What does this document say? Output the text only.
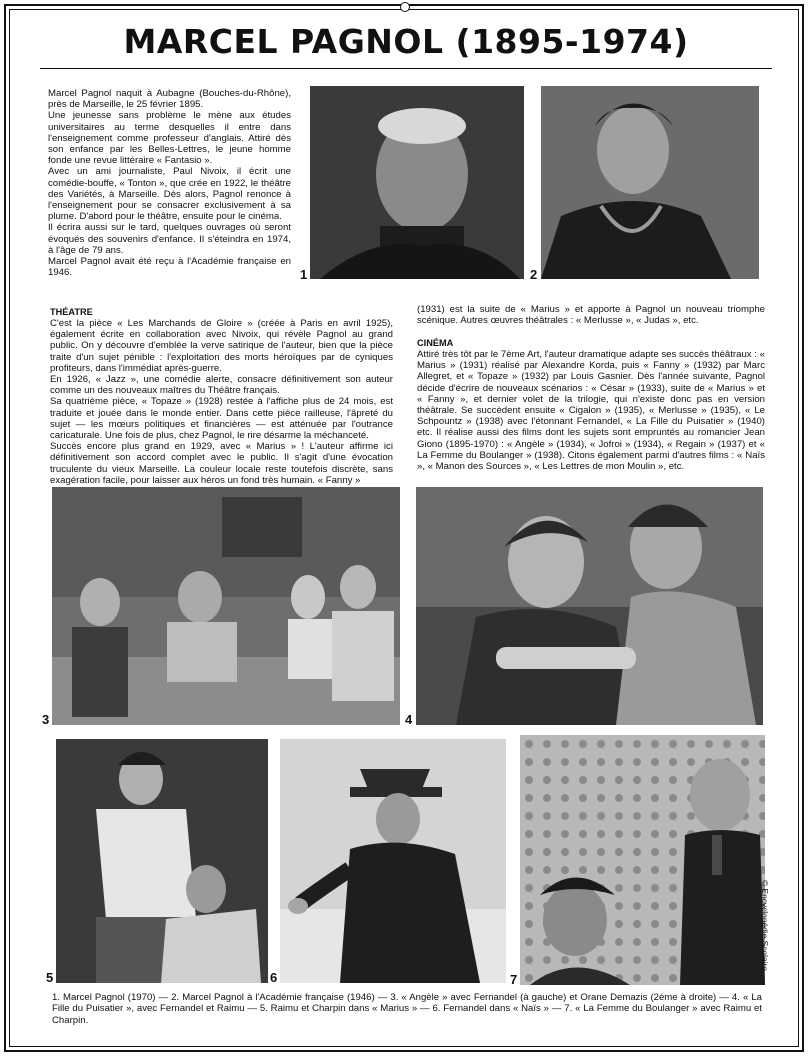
MARCEL PAGNOL (1895-1974)
Marcel Pagnol naquit à Aubagne (Bouches-du-Rhône), près de Marseille, le 25 février 1895.
Une jeunesse sans problème le mène aux études universitaires au terme desquelles il entre dans l'enseignement comme professeur d'anglais. Attiré dès son enfance par les Belles-Lettres, le jeune homme fonde une revue littéraire « Fantasio ».
Avec un ami journaliste, Paul Nivoix, il écrit une comédie-bouffe, « Tonton », que crée en 1922, le théâtre des Variétés, à Marseille. Dès alors, Pagnol renonce à l'enseignement pour se consacrer exclusivement à sa plume. D'abord pour le théâtre, ensuite pour le cinéma.
Il écrira aussi sur le tard, quelques ouvrages où seront évoqués des souvenirs d'enfance. Il s'éteindra en 1974, à l'âge de 79 ans.
Marcel Pagnol avait été reçu à l'Académie française en 1946.	1	2
THÉATRE
C'est la pièce « Les Marchands de Gloire » (créée à Paris en avril 1925), également écrite en collaboration avec Nivoix, qui révèle Pagnol au grand public. On y découvre d'emblée la verve satirique de l'auteur, bien que la pièce traite d'un sujet pénible : l'exploitation des morts héroïques par de cyniques profiteurs, dans l'immédiat après-guerre.
En 1926, « Jazz », une comédie alerte, consacre définitivement son auteur comme un des nouveaux maîtres du Théâtre français.
Sa quatrième pièce, « Topaze » (1928) restée à l'affiche plus de 24 mois, est traduite et jouée dans le monde entier. Dans cette pièce railleuse, l'âpreté du sujet — les mœurs politiques et financières — est atténuée par l'outrance caricaturale. Une fois de plus, chez Pagnol, le rire désarme la méchanceté.
Succès encore plus grand en 1929, avec « Marius » ! L'auteur affirme ici définitivement son accord complet avec le public. Il s'agit d'une évocation truculente du vieux Marseille. La couleur locale reste toutefois discrète, sans exagération facile, pour laisser aux héros un fond très humain. « Fanny »
(1931) est la suite de « Marius » et apporte à Pagnol un nouveau triomphe scénique. Autres œuvres théâtrales : « Merlusse », « Judas », etc.
CINÉMA
Attiré très tôt par le 7ème Art, l'auteur dramatique adapte ses succès théâtraux : « Marius » (1931) réalisé par Alexandre Korda, puis « Fanny » (1932) par Marc Allegret, et « Topaze » (1932) par Louis Gasnier. Dès l'année suivante, Pagnol décide d'écrire de nouveaux scénarios : « César » (1933), suite de « Marius » et « Fanny », et dernier volet de la trilogie, qui n'existe donc pas en version théâtrale. Se succèdent ensuite « Cigalon » (1935), « Merlusse » (1935), « Le Schpountz » (1938) avec l'étonnant Fernandel, « La Fille du Puisatier » (1940) etc. Il réalise aussi des films dont les sujets sont empruntés au romancier Jean Giono (1895-1970) : « Angèle » (1934), « Jofroi » (1934), « Regain » (1937) et « La Femme du Boulanger » (1938). Citons également parmi d'autres films : « Naïs », « Manon des Sources », « Les Lettres de mon Moulin », etc.
3	4
5	6	7
1. Marcel Pagnol (1970) — 2. Marcel Pagnol à l'Académie française (1946) — 3. « Angèle » avec Fernandel (à gauche) et Orane Demazis (2ème à droite) — 4. « La Fille du Puisatier », avec Fernandel et Raimu — 5. Raimu et Charpin dans « Marius » — 6. Fernandel dans « Naïs » — 7. « La Femme du Boulanger » avec Raimu et Charpin.
© Encyclopédie Scolaire
